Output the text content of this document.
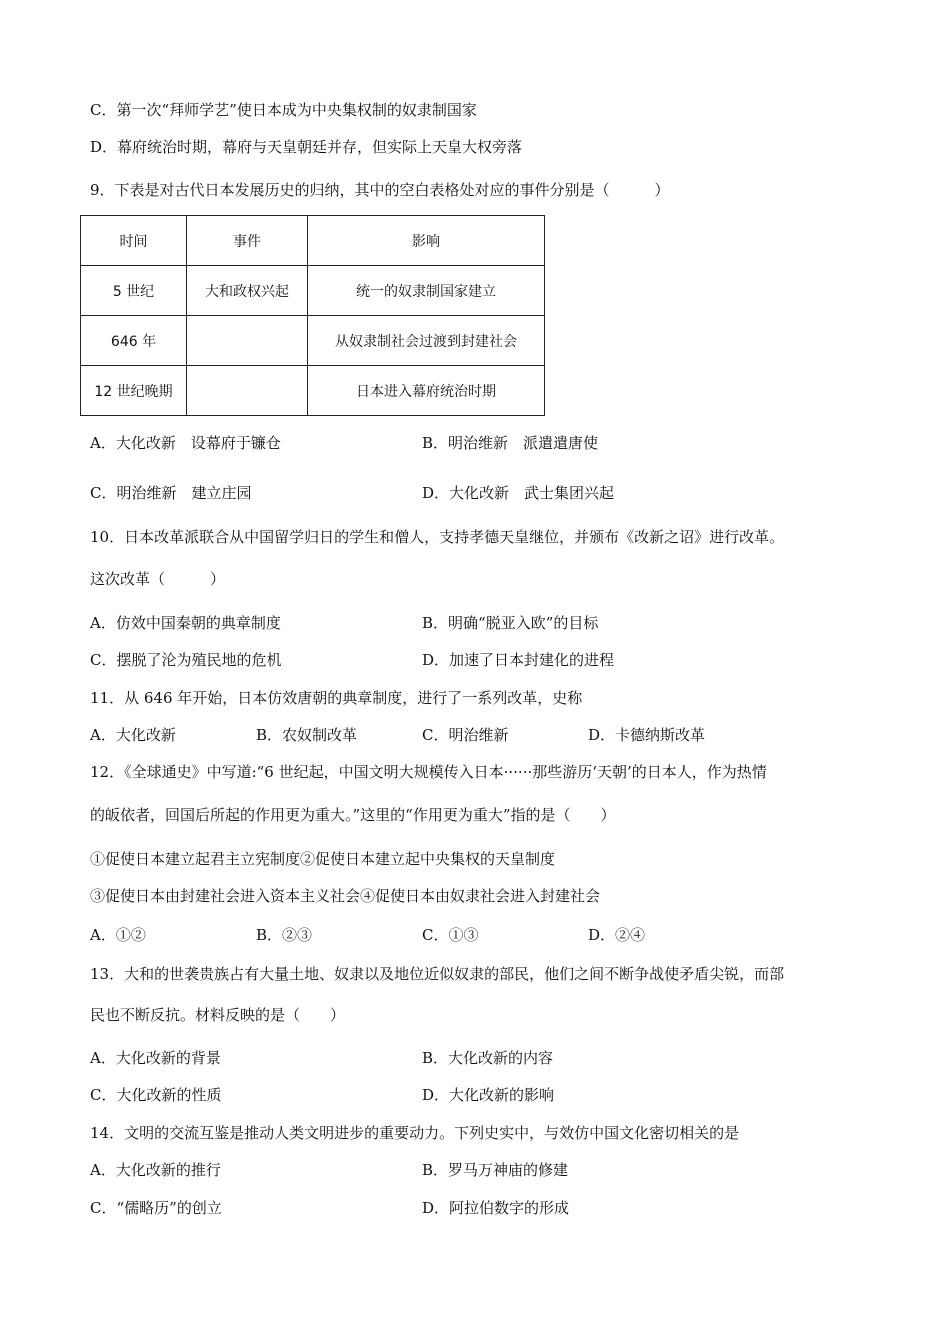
C．第一次“拜师学艺”使日本成为中央集权制的奴隶制国家
D．幕府统治时期，幕府与天皇朝廷并存，但实际上天皇大权旁落
9．下表是对古代日本发展历史的归纳，其中的空白表格处对应的事件分别是（　　　）
时间	事件	影响
5 世纪	大和政权兴起	统一的奴隶制国家建立
646 年		从奴隶制社会过渡到封建社会
12 世纪晚期		日本进入幕府统治时期
A．大化改新　设幕府于镰仓	B．明治维新　派遣遣唐使
C．明治维新　建立庄园	D．大化改新　武士集团兴起
10．日本改革派联合从中国留学归日的学生和僧人，支持孝德天皇继位，并颁布《改新之诏》进行改革。
这次改革（　　　）
A．仿效中国秦朝的典章制度	B．明确“脱亚入欧”的目标
C．摆脱了沦为殖民地的危机	D．加速了日本封建化的进程
11．从 646 年开始，日本仿效唐朝的典章制度，进行了一系列改革，史称
A．大化改新	B．农奴制改革	C．明治维新	D．卡德纳斯改革
12．《全球通史》中写道:“6 世纪起，中国文明大规模传入日本······那些游历‘天朝’的日本人，作为热情
的皈依者，回国后所起的作用更为重大。”这里的“作用更为重大”指的是（　　）
①促使日本建立起君主立宪制度②促使日本建立起中央集权的天皇制度
③促使日本由封建社会进入资本主义社会④促使日本由奴隶社会进入封建社会
A．①②	B．②③	C．①③	D．②④
13．大和的世袭贵族占有大量土地、奴隶以及地位近似奴隶的部民，他们之间不断争战使矛盾尖锐，而部
民也不断反抗。材料反映的是（　　）
A．大化改新的背景	B．大化改新的内容
C．大化改新的性质	D．大化改新的影响
14．文明的交流互鉴是推动人类文明进步的重要动力。下列史实中，与效仿中国文化密切相关的是
A．大化改新的推行	B．罗马万神庙的修建
C．“儒略历”的创立	D．阿拉伯数字的形成
